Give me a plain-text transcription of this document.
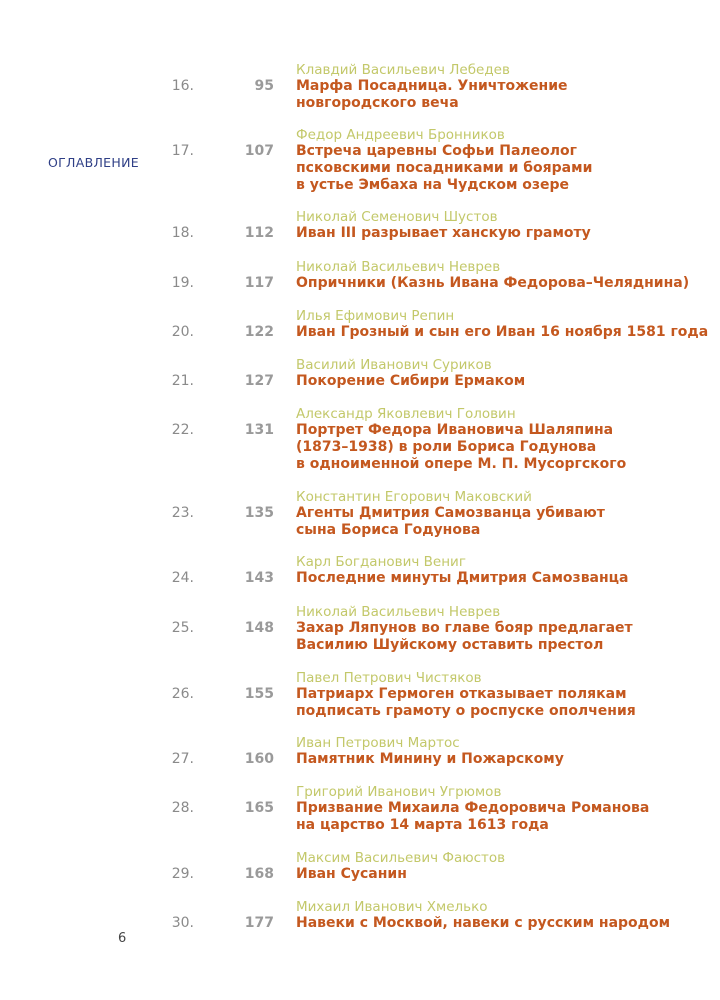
ОГЛАВЛЕНИЕ
6
Клавдий Васильевич Лебедев
16.	95 Марфа Посадница. Уничтожение
новгородского веча
Федор Андреевич Бронников
17.	107 Встреча царевны Софьи Палеолог
псковскими посадниками и боярами
в устье Эмбаха на Чудском озере
Николай Семенович Шустов
18.	112 Иван III разрывает ханскую грамоту
Николай Васильевич Неврев
19.	117 Опричники (Казнь Ивана Федорова–Челяднина)
Илья Ефимович Репин
20.	122 Иван Грозный и сын его Иван 16 ноября 1581 года
Василий Иванович Суриков
21.	127 Покорение Сибири Ермаком
Александр Яковлевич Головин
22.	131 Портрет Федора Ивановича Шаляпина
(1873–1938) в роли Бориса Годунова
в одноименной опере М. П. Мусоргского
Константин Егорович Маковский
23.	135 Агенты Дмитрия Самозванца убивают
сына Бориса Годунова
Карл Богданович Вениг
24.	143 Последние минуты Дмитрия Самозванца
Николай Васильевич Неврев
25.	148 Захар Ляпунов во главе бояр предлагает
Василию Шуйскому оставить престол
Павел Петрович Чистяков
26.	155 Патриарх Гермоген отказывает полякам
подписать грамоту о роспуске ополчения
Иван Петрович Мартос
27.	160 Памятник Минину и Пожарскому
Григорий Иванович Угрюмов
28.	165 Призвание Михаила Федоровича Романова
на царство 14 марта 1613 года
Максим Васильевич Фаюстов
29.	168 Иван Сусанин
Михаил Иванович Хмелько
30.	177 Навеки с Москвой, навеки с русским народом
